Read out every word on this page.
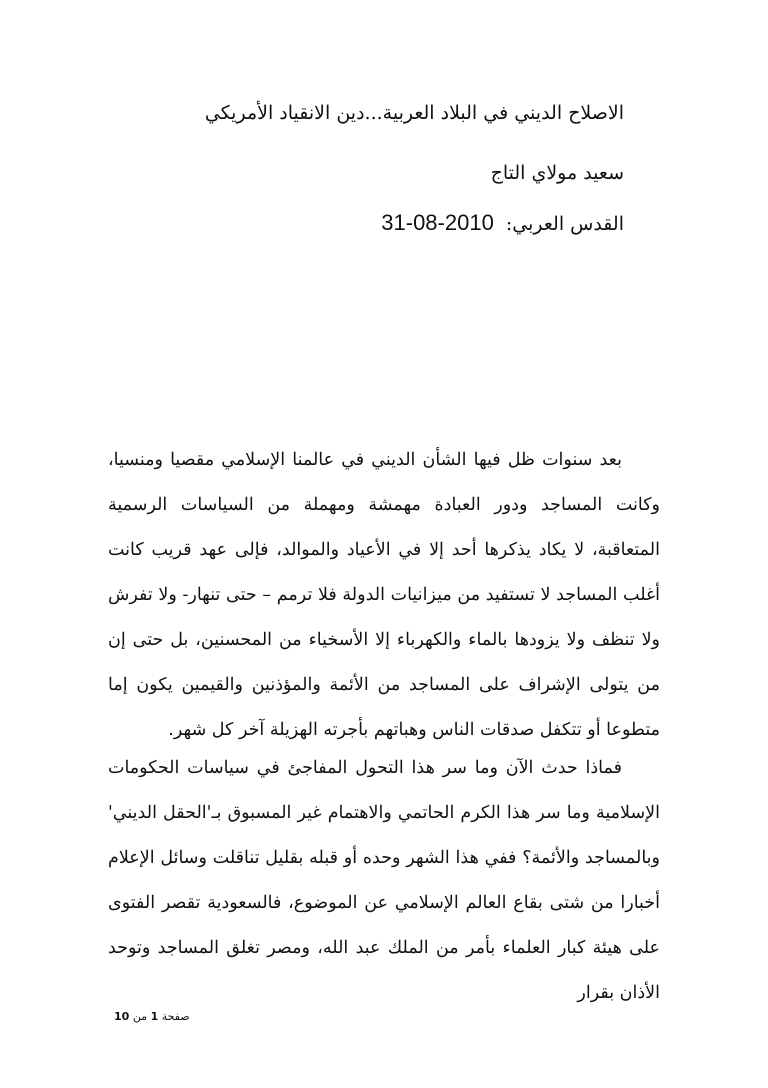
الاصلاح الديني في البلاد العربية...دين الانقياد الأمريكي
سعيد مولاي التاج
القدس العربي: 31-08-2010

بعد سنوات ظل فيها الشأن الديني في عالمنا الإسلامي مقصيا ومنسيا، وكانت المساجد ودور العبادة مهمشة ومهملة من السياسات الرسمية المتعاقبة، لا يكاد يذكرها أحد إلا في الأعياد والموالد، فإلى عهد قريب كانت أغلب المساجد لا تستفيد من ميزانيات الدولة فلا ترمم – حتى تنهار- ولا تفرش ولا تنظف ولا يزودها بالماء والكهرباء إلا الأسخياء من المحسنين، بل حتى إن من يتولى الإشراف على المساجد من الأئمة والمؤذنين والقيمين يكون إما متطوعا أو تتكفل صدقات الناس وهباتهم بأجرته الهزيلة آخر كل شهر.

فماذا حدث الآن وما سر هذا التحول المفاجئ في سياسات الحكومات الإسلامية وما سر هذا الكرم الحاتمي والاهتمام غير المسبوق بـ'الحقل الديني' وبالمساجد والأئمة؟ ففي هذا الشهر وحده أو قبله بقليل تناقلت وسائل الإعلام أخبارا من شتى بقاع العالم الإسلامي عن الموضوع، فالسعودية تقصر الفتوى على هيئة كبار العلماء بأمر من الملك عبد الله، ومصر تغلق المساجد وتوحد الأذان بقرار

صفحة 1 من 10
